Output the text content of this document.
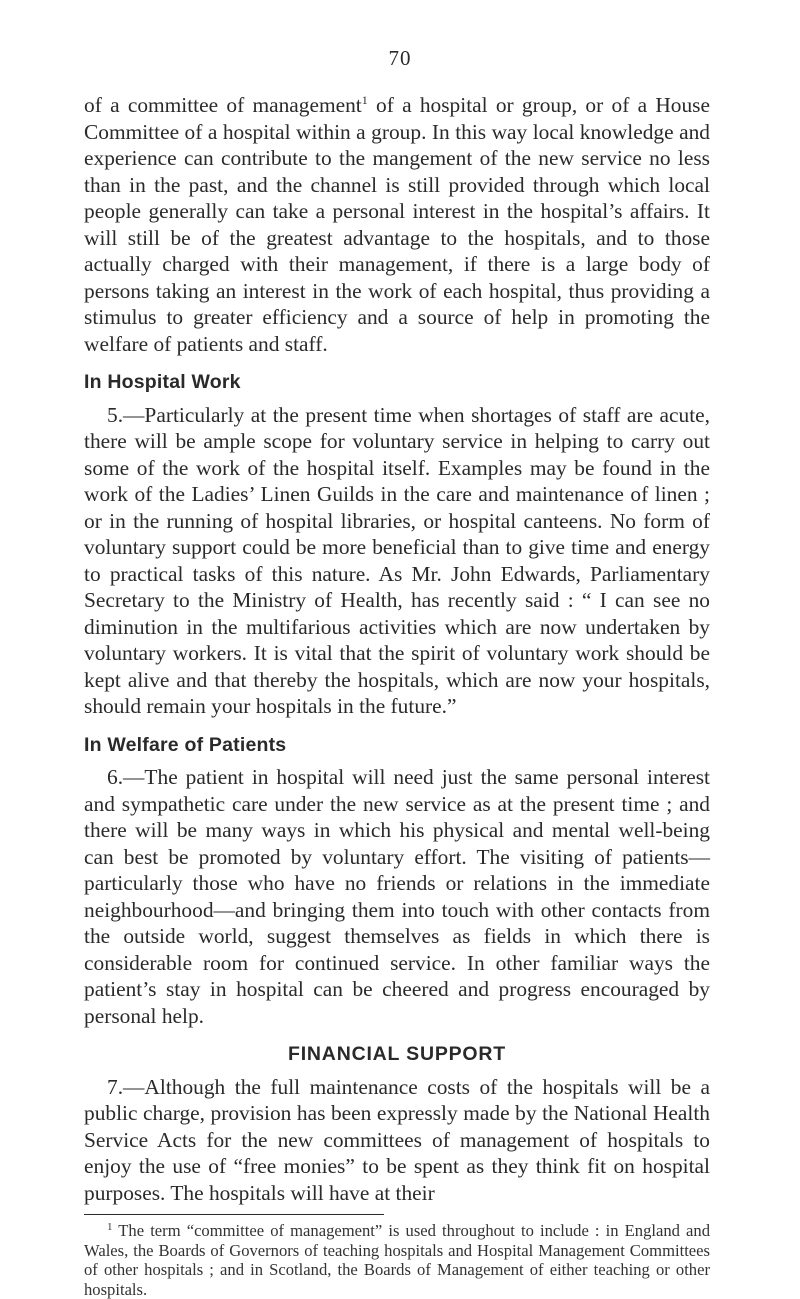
70

of a committee of management$^1$ of a hospital or group, or of a House Committee of a hospital within a group. In this way local knowledge and experience can contribute to the mangement of the new service no less than in the past, and the channel is still provided through which local people generally can take a personal interest in the hospital’s affairs. It will still be of the greatest advantage to the hospitals, and to those actually charged with their management, if there is a large body of persons taking an interest in the work of each hospital, thus providing a stimulus to greater efficiency and a source of help in promoting the welfare of patients and staff.

In Hospital Work

5.—Particularly at the present time when shortages of staff are acute, there will be ample scope for voluntary service in helping to carry out some of the work of the hospital itself. Examples may be found in the work of the Ladies’ Linen Guilds in the care and maintenance of linen ; or in the running of hospital libraries, or hospital canteens. No form of voluntary support could be more beneficial than to give time and energy to practical tasks of this nature. As Mr. John Edwards, Parliamentary Secretary to the Ministry of Health, has recently said : “ I can see no diminution in the multifarious activities which are now undertaken by voluntary workers. It is vital that the spirit of voluntary work should be kept alive and that thereby the hospitals, which are now your hospitals, should remain your hospitals in the future.”

In Welfare of Patients

6.—The patient in hospital will need just the same personal interest and sympathetic care under the new service as at the present time ; and there will be many ways in which his physical and mental well-being can best be promoted by voluntary effort. The visiting of patients—particularly those who have no friends or relations in the immediate neighbourhood—and bringing them into touch with other contacts from the outside world, suggest themselves as fields in which there is considerable room for continued service. In other familiar ways the patient’s stay in hospital can be cheered and progress encouraged by personal help.

FINANCIAL SUPPORT

7.—Although the full maintenance costs of the hospitals will be a public charge, provision has been expressly made by the National Health Service Acts for the new committees of management of hospitals to enjoy the use of “free monies” to be spent as they think fit on hospital purposes. The hospitals will have at their

$^1$ The term “committee of management” is used throughout to include : in England and Wales, the Boards of Governors of teaching hospitals and Hospital Management Committees of other hospitals ; and in Scotland, the Boards of Management of either teaching or other hospitals.
